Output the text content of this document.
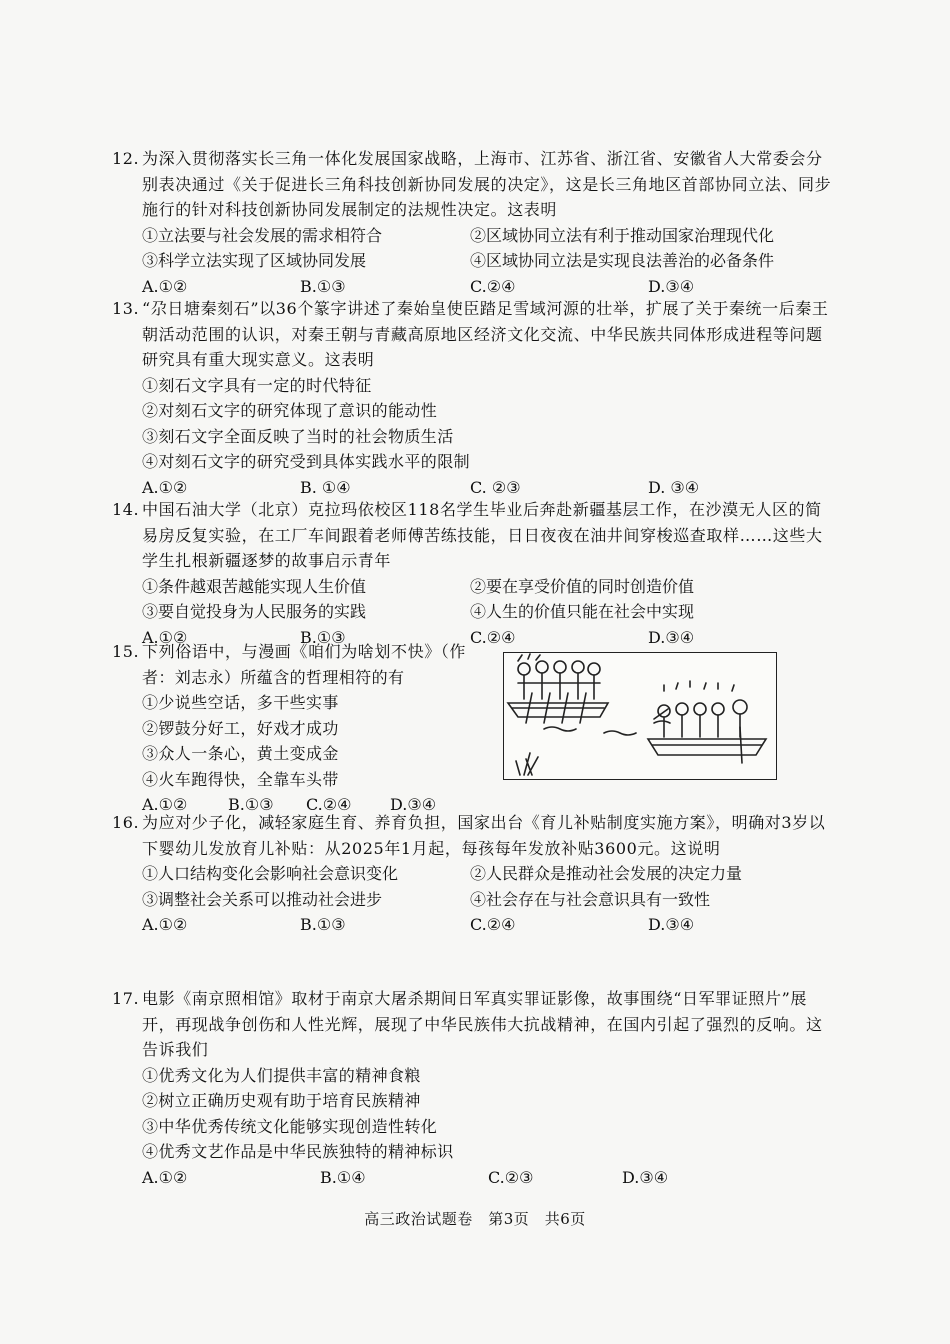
12. 为深入贯彻落实长三角一体化发展国家战略，上海市、江苏省、浙江省、安徽省人大常委会分别表决通过《关于促进长三角科技创新协同发展的决定》，这是长三角地区首部协同立法、同步施行的针对科技创新协同发展制定的法规性决定。这表明
①立法要与社会发展的需求相符合	②区域协同立法有利于推动国家治理现代化
③科学立法实现了区域协同发展	④区域协同立法是实现良法善治的必备条件
A.①②	B.①③	C.②④	D.③④
13. “尕日塘秦刻石”以36个篆字讲述了秦始皇使臣踏足雪域河源的壮举，扩展了关于秦统一后秦王朝活动范围的认识，对秦王朝与青藏高原地区经济文化交流、中华民族共同体形成进程等问题研究具有重大现实意义。这表明
①刻石文字具有一定的时代特征
②对刻石文字的研究体现了意识的能动性
③刻石文字全面反映了当时的社会物质生活
④对刻石文字的研究受到具体实践水平的限制
A.①②	B. ①④	C. ②③	D. ③④
14. 中国石油大学（北京）克拉玛依校区118名学生毕业后奔赴新疆基层工作，在沙漠无人区的简易房反复实验，在工厂车间跟着老师傅苦练技能，日日夜夜在油井间穿梭巡查取样……这些大学生扎根新疆逐梦的故事启示青年
①条件越艰苦越能实现人生价值	②要在享受价值的同时创造价值
③要自觉投身为人民服务的实践	④人生的价值只能在社会中实现
A.①②	B.①③	C.②④	D.③④
15. 下列俗语中，与漫画《咱们为啥划不快》（作
者：刘志永）所蕴含的哲理相符的有
①少说些空话，多干些实事
②锣鼓分好工，好戏才成功
③众人一条心，黄土变成金
④火车跑得快，全靠车头带
A.①②	B.①③	C.②④	D.③④
16. 为应对少子化，减轻家庭生育、养育负担，国家出台《育儿补贴制度实施方案》，明确对3岁以下婴幼儿发放育儿补贴：从2025年1月起，每孩每年发放补贴3600元。这说明
①人口结构变化会影响社会意识变化	②人民群众是推动社会发展的决定力量
③调整社会关系可以推动社会进步	④社会存在与社会意识具有一致性
A.①②	B.①③	C.②④	D.③④
17. 电影《南京照相馆》取材于南京大屠杀期间日军真实罪证影像，故事围绕“日军罪证照片”展开，再现战争创伤和人性光辉，展现了中华民族伟大抗战精神，在国内引起了强烈的反响。这告诉我们
①优秀文化为人们提供丰富的精神食粮
②树立正确历史观有助于培育民族精神
③中华优秀传统文化能够实现创造性转化
④优秀文艺作品是中华民族独特的精神标识
A.①②	B.①④	C.②③	D.③④
高三政治试题卷　第3页　共6页
